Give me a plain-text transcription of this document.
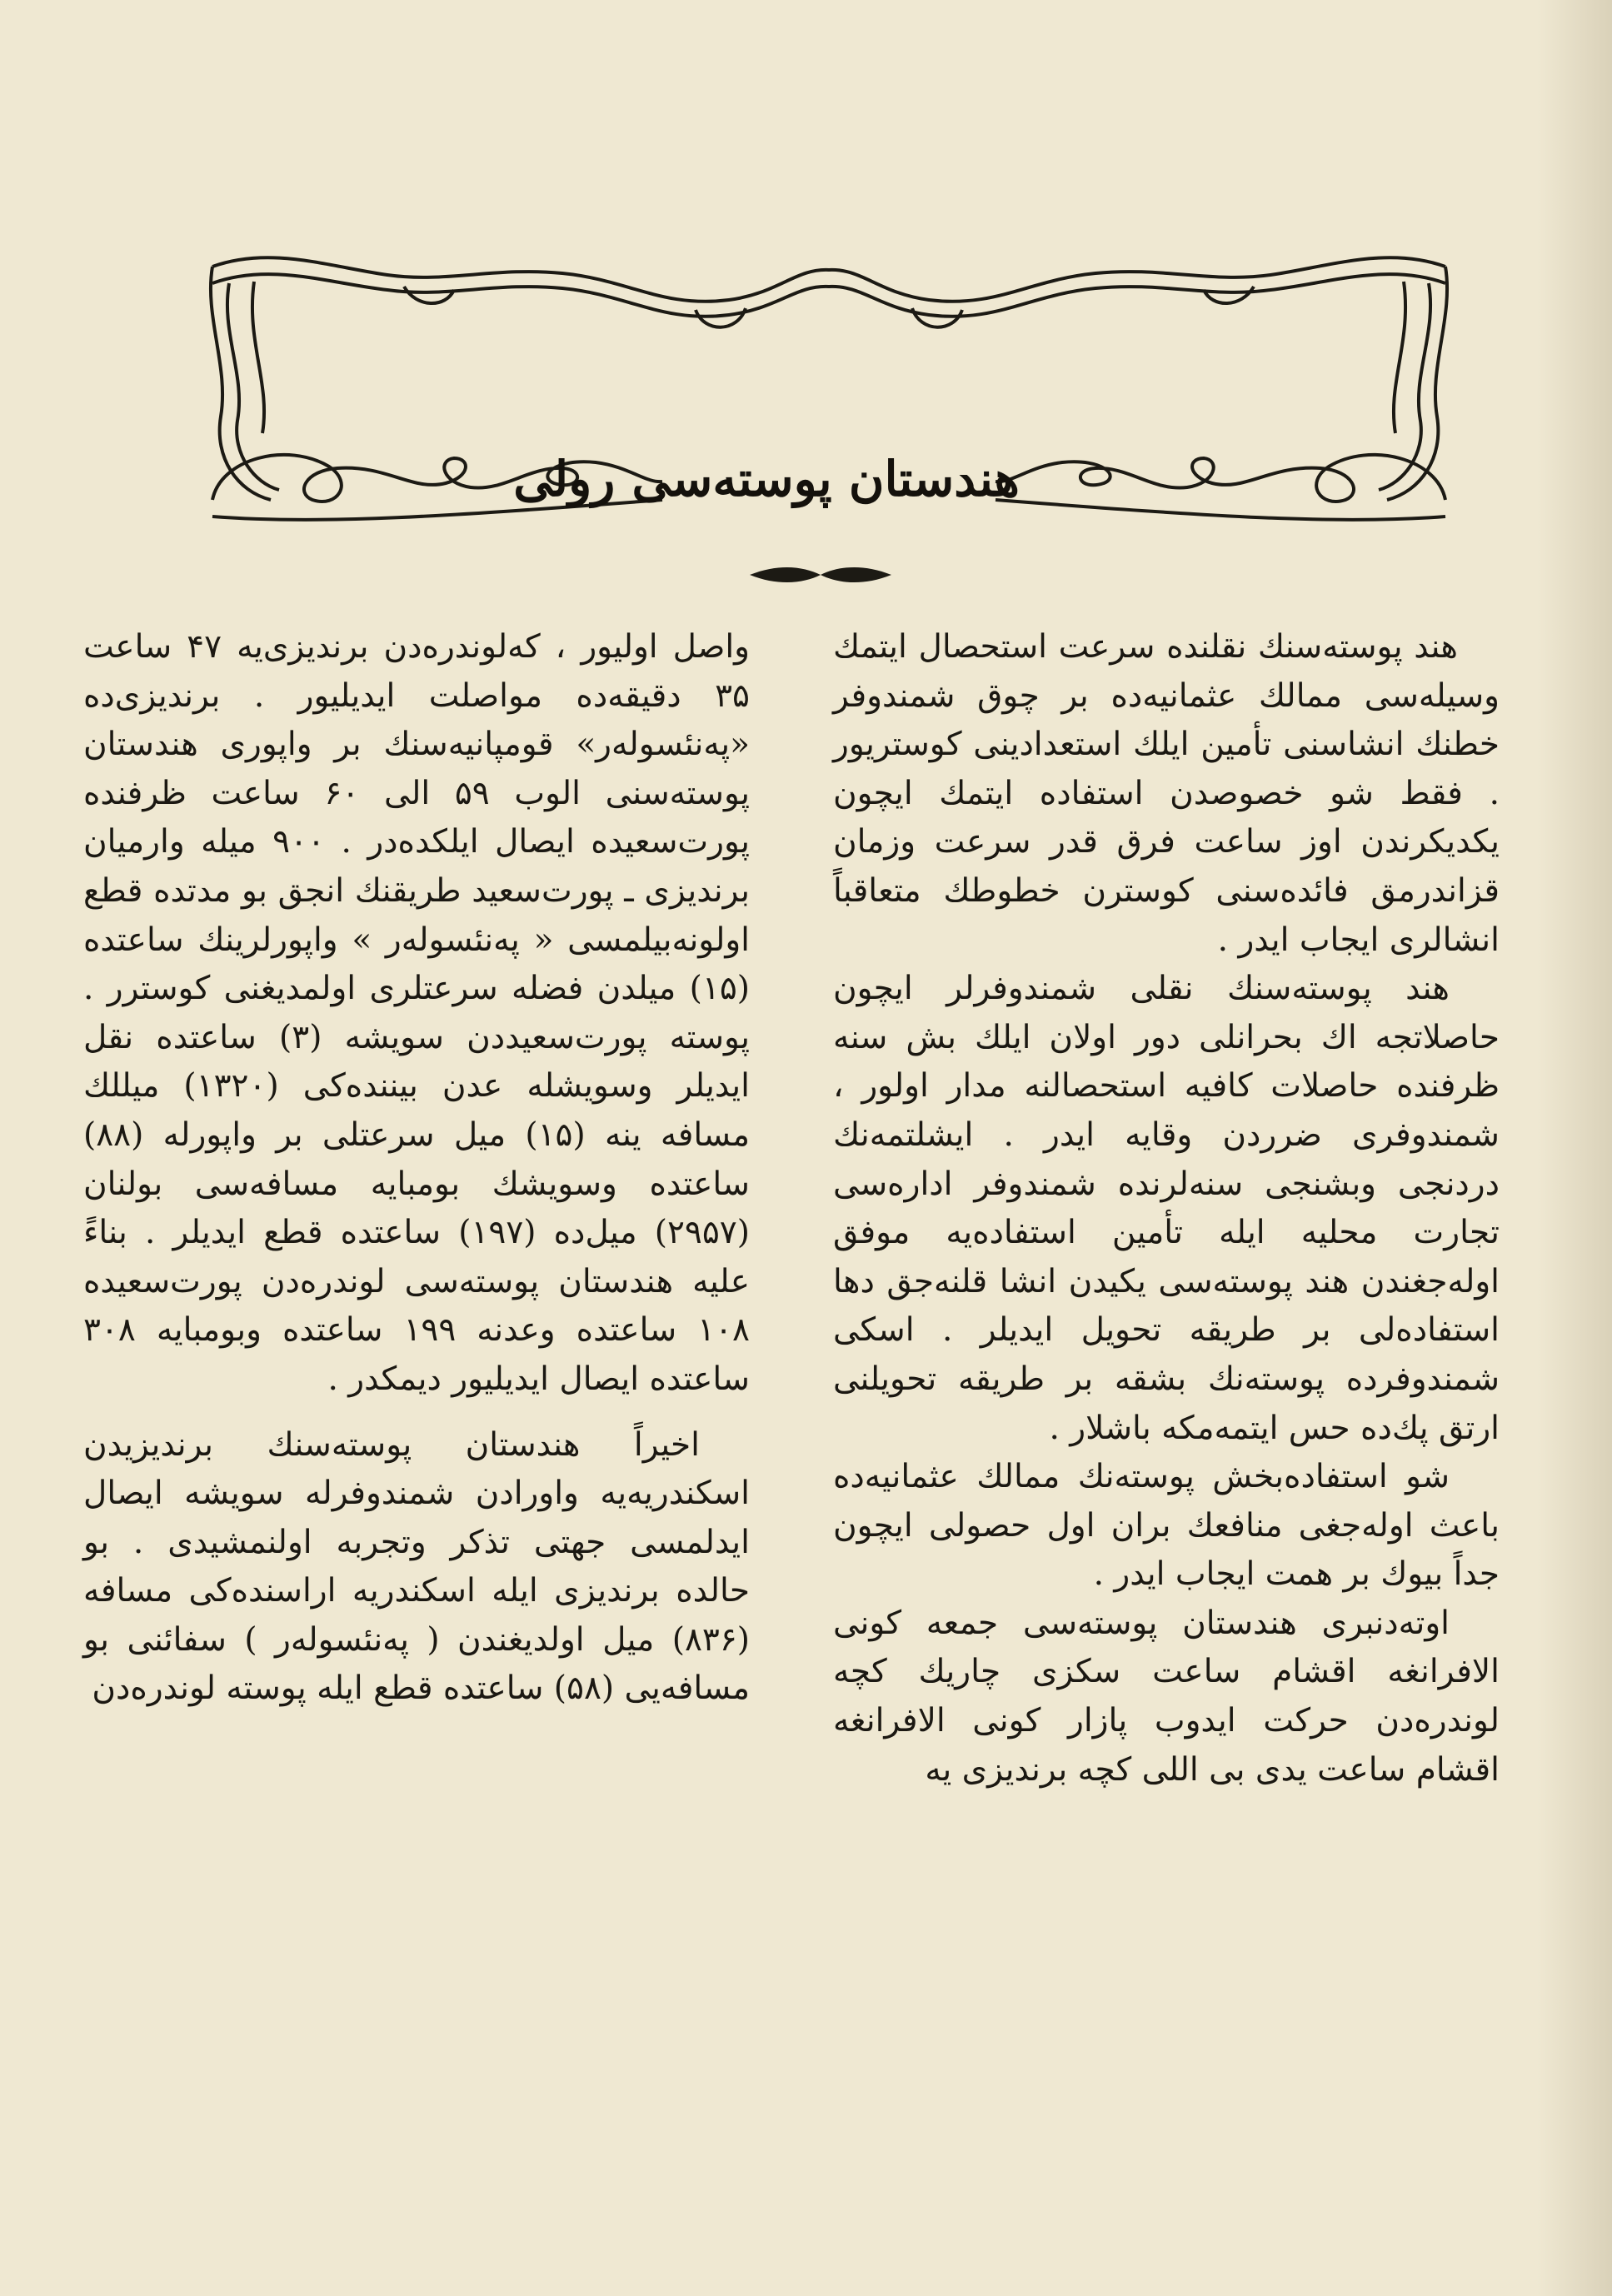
هندستان پوسته‌سی رولی

هند پوسته‌سنك نقلنده سرعت استحصال ایتمك وسیله‌سی ممالك عثمانیه‌ده بر چوق شمندوفر خطنك انشاسنی تأمین ایلك استعدادینی کوستریور . فقط شو خصوصدن استفاده ایتمك ایچون یکدیکرندن اوز ساعت فرق قدر سرعت وزمان قزاندرمق فائده‌سنی کوسترن خطوطك متعاقباً انشالری ایجاب ایدر .

هند پوسته‌سنك نقلی شمندوفرلر ایچون حاصلاتجه اك بحرانلی دور اولان ایلك بش سنه ظرفنده حاصلات کافیه استحصالنه مدار اولور ، شمندوفری ضرردن وقایه ایدر . ایشلتمه‌نك دردنجی وبشنجی سنه‌لرنده شمندوفر اداره‌سی تجارت محلیه ایله تأمین استفاده‌یه موفق اوله‌جغندن هند پوسته‌سی یکیدن انشا قلنه‌جق دها استفاده‌لی بر طریقه تحویل ایدیلر . اسکی شمندوفرده پوسته‌نك بشقه بر طریقه تحویلنی ارتق پك‌ده حس ایتمه‌مکه باشلار .

شو استفاده‌بخش پوسته‌نك ممالك عثمانیه‌ده باعث اوله‌جغی منافعك بران اول حصولی ایچون جداً بیوك بر همت ایجاب ایدر .

اوته‌دنبری هندستان پوسته‌سی جمعه کونی الافرانغه اقشام ساعت سکزی چاریك کچه لوندره‌دن حرکت ایدوب پازار کونی الافرانغه اقشام ساعت یدی بی اللی کچه برندیزی یه

واصل اولیور ، که‌لوندره‌دن برندیزی‌یه ۴۷ ساعت ۳۵ دقیقه‌ده مواصلت ایدیلیور . برندیزی‌ده «په‌نئسوله‌ر» قومپانیه‌سنك بر واپوری هندستان پوسته‌سنی الوب ۵۹ الی ۶۰ ساعت ظرفنده پورت‌سعیده ایصال ایلکده‌در . ۹۰۰ میله وارمیان برندیزی ـ پورت‌سعید طریقنك انجق بو مدتده قطع اولونه‌بیلمسی « په‌نئسوله‌ر » واپورلرینك ساعتده (۱۵) میلدن فضله سرعتلری اولمدیغنی کوسترر . پوسته پورت‌سعیددن سویشه (۳) ساعتده نقل ایدیلر وسویشله عدن بیننده‌کی (۱۳۲۰) میللك مسافه ینه (۱۵) میل سرعتلی بر واپورله (۸۸) ساعتده وسویشك بومبایه مسافه‌سی بولنان (۲۹۵۷) میل‌ده (۱۹۷) ساعتده قطع ایدیلر . بناءً علیه هندستان پوسته‌سی لوندره‌دن پورت‌سعیده ۱۰۸ ساعتده وعدنه ۱۹۹ ساعتده وبومبایه ۳۰۸ ساعتده ایصال ایدیلیور دیمکدر .

اخیراً هندستان پوسته‌سنك برندیزیدن اسکندریه‌یه واورادن شمندوفرله سویشه ایصال ایدلمسی جهتی تذکر وتجربه اولنمشیدی . بو حالده برندیزی ایله اسکندریه اراسنده‌کی مسافه (۸۳۶) میل اولدیغندن ( په‌نئسوله‌ر ) سفائنی بو مسافه‌یی (۵۸) ساعتده قطع ایله پوسته لوندره‌دن
